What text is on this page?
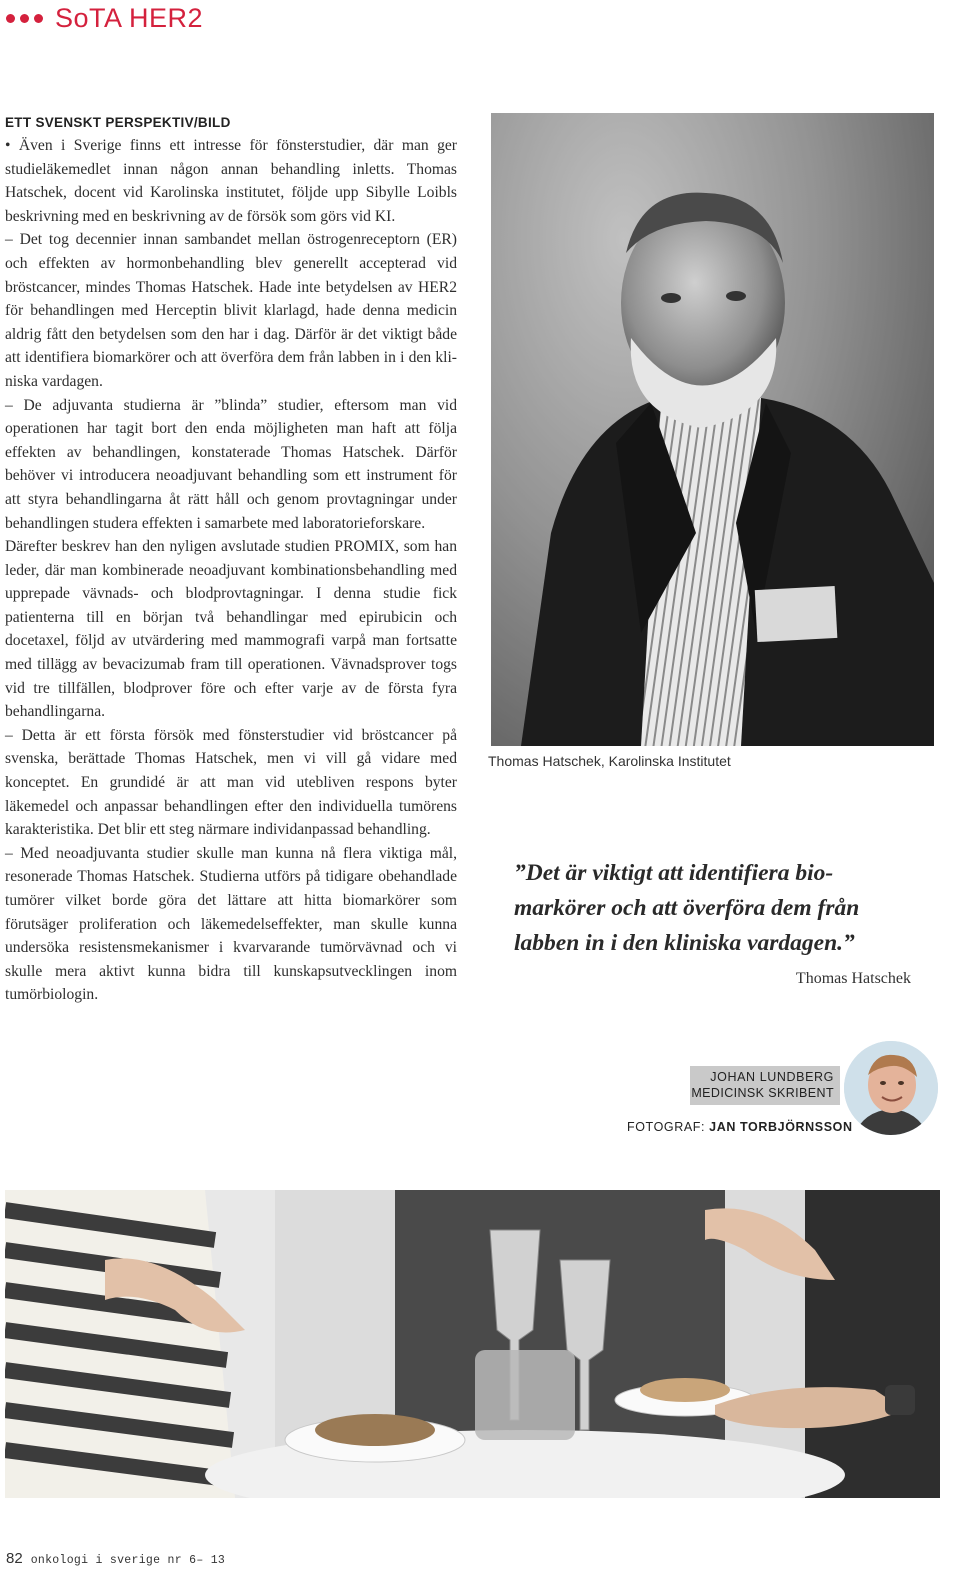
SoTA HER2
ETT SVENSKT PERSPEKTIV/BILD

• Även i Sverige finns ett intresse för fönsterstudier, där man ger studieläkemedlet innan någon annan behandling inletts. Thomas Hatschek, docent vid Karolinska institutet, följde upp Sibylle Loibls beskrivning med en beskrivning av de försök som görs vid KI.

– Det tog decennier innan sambandet mellan östrogenreceptorn (ER) och effekten av hormonbehandling blev generellt accepterad vid bröstcancer, mindes Thomas Hatschek. Hade inte betydelsen av HER2 för behandlingen med Herceptin blivit klarlagd, hade denna medicin aldrig fått den betydelsen som den har i dag. Därför är det viktigt både att identifiera biomarkörer och att överföra dem från labben in i den kliniska vardagen.

– De adjuvanta studierna är ”blinda” studier, eftersom man vid operationen har tagit bort den enda möjligheten man haft att följa effekten av behandlingen, konstaterade Thomas Hatschek. Därför behöver vi introducera neoadjuvant behandling som ett instrument för att styra behandlingarna åt rätt håll och genom provtagningar under behandlingen studera effekten i samarbete med laboratorieforskare.

Därefter beskrev han den nyligen avslutade studien PROMIX, som han leder, där man kombinerade neoadjuvant kombinationsbehandling med upprepade vävnads- och blodprovtagningar. I denna studie fick patienterna till en början två behandlingar med epirubicin och docetaxel, följd av utvärdering med mammografi varpå man fortsatte med tillägg av bevacizumab fram till operationen. Vävnadsprover togs vid tre tillfällen, blodprover före och efter varje av de första fyra behandlingarna.

– Detta är ett första försök med fönsterstudier vid bröstcancer på svenska, berättade Thomas Hatschek, men vi vill gå vidare med konceptet. En grundidé är att man vid utebliven respons byter läkemedel och anpassar behandlingen efter den individuella tumörens karakteristika. Det blir ett steg närmare individanpassad behandling.

– Med neoadjuvanta studier skulle man kunna nå flera viktiga mål, resonerade Thomas Hatschek. Studierna utförs på tidigare obehandlade tumörer vilket borde göra det lättare att hitta biomarkörer som förutsäger proliferation och läkemedelseffekter, man skulle kunna undersöka resistensmekanismer i kvarvarande tumörvävnad och vi skulle mera aktivt kunna bidra till kunskapsutvecklingen inom tumörbiologin.

Thomas Hatschek, Karolinska Institutet
”Det är viktigt att identifiera biomarkörer och att överföra dem från labben in i den kliniska vardagen.”
Thomas Hatschek
JOHAN LUNDBERG
MEDICINSK SKRIBENT
FOTOGRAF: JAN TORBJÖRNSSON
82 onkologi i sverige nr 6– 13
